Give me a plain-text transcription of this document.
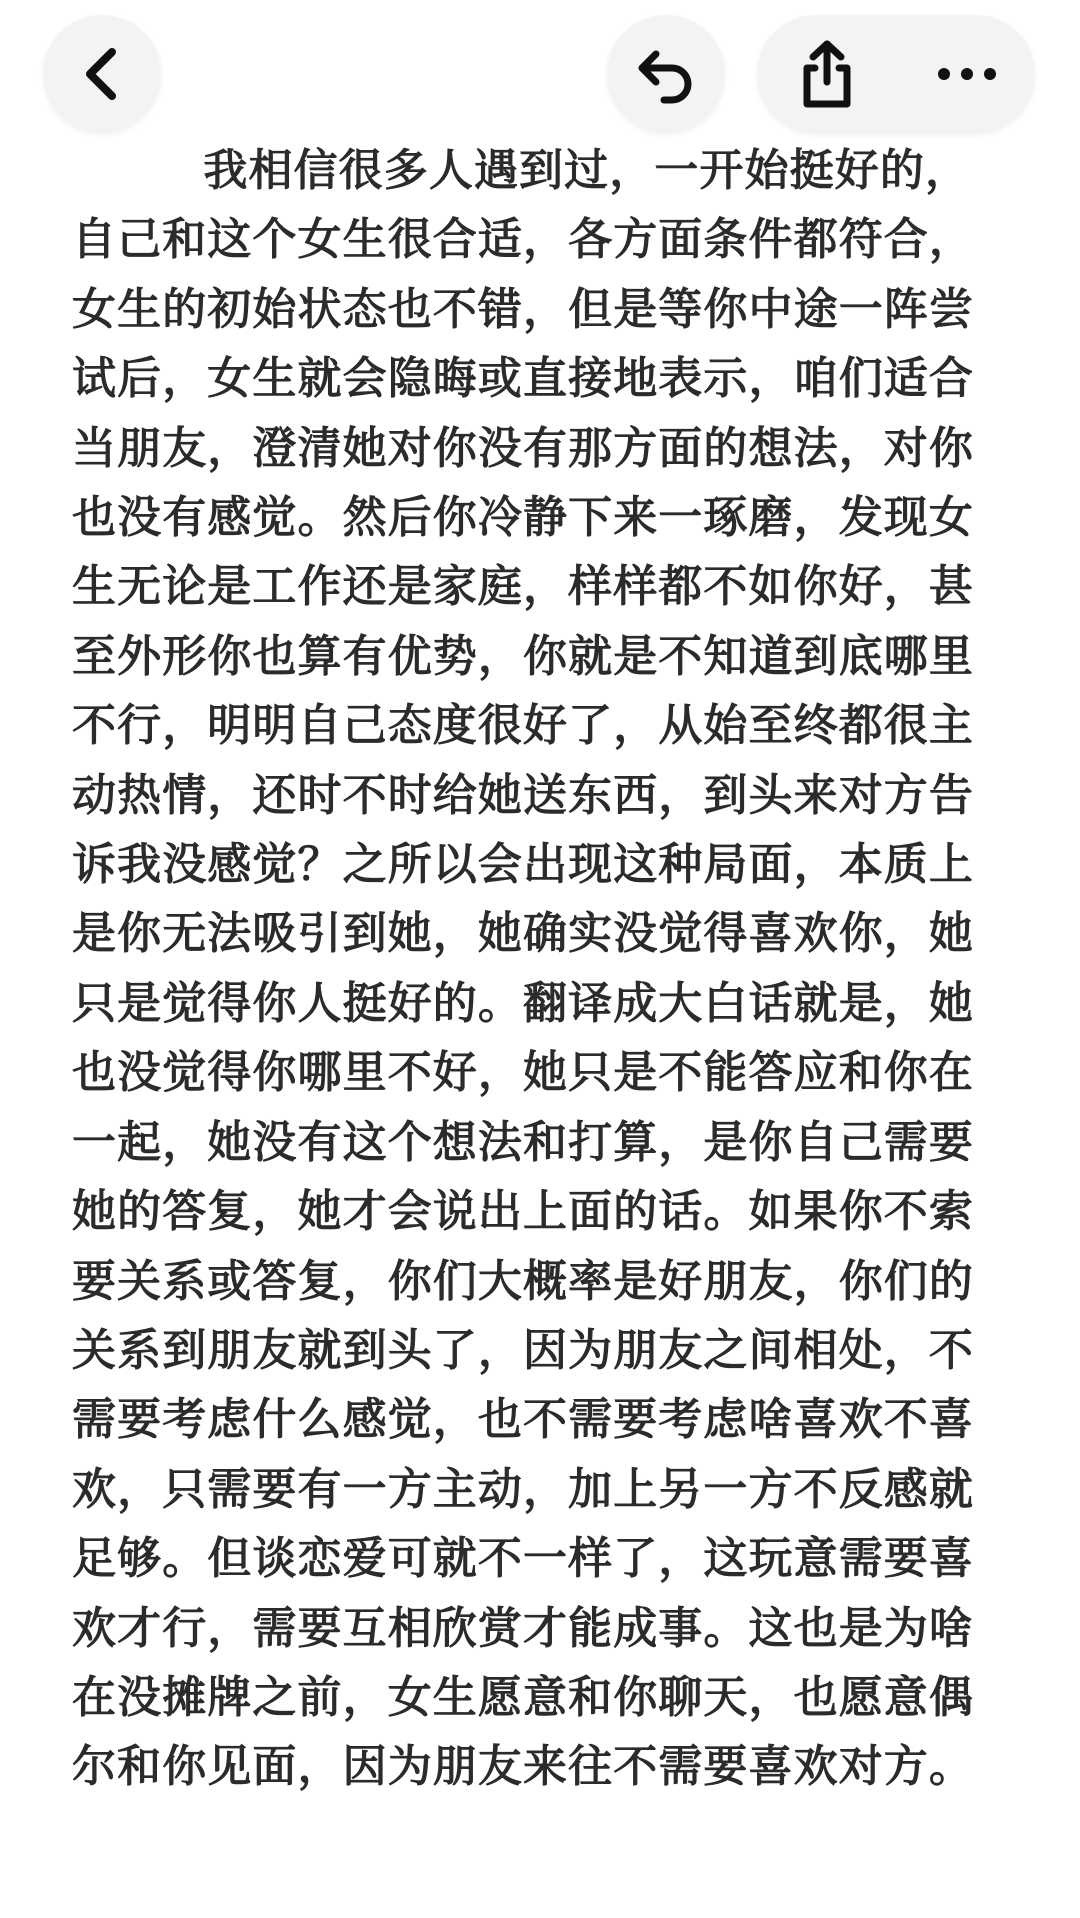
我相信很多人遇到过，一开始挺好的，自己和这个女生很合适，各方面条件都符合，女生的初始状态也不错，但是等你中途一阵尝试后，女生就会隐晦或直接地表示，咱们适合当朋友，澄清她对你没有那方面的想法，对你也没有感觉。然后你冷静下来一琢磨，发现女生无论是工作还是家庭，样样都不如你好，甚至外形你也算有优势，你就是不知道到底哪里不行，明明自己态度很好了，从始至终都很主动热情，还时不时给她送东西，到头来对方告诉我没感觉？之所以会出现这种局面，本质上是你无法吸引到她，她确实没觉得喜欢你，她只是觉得你人挺好的。翻译成大白话就是，她也没觉得你哪里不好，她只是不能答应和你在一起，她没有这个想法和打算，是你自己需要她的答复，她才会说出上面的话。如果你不索要关系或答复，你们大概率是好朋友，你们的关系到朋友就到头了，因为朋友之间相处，不需要考虑什么感觉，也不需要考虑啥喜欢不喜欢，只需要有一方主动，加上另一方不反感就足够。但谈恋爱可就不一样了，这玩意需要喜欢才行，需要互相欣赏才能成事。这也是为啥在没摊牌之前，女生愿意和你聊天，也愿意偶尔和你见面，因为朋友来往不需要喜欢对方。
